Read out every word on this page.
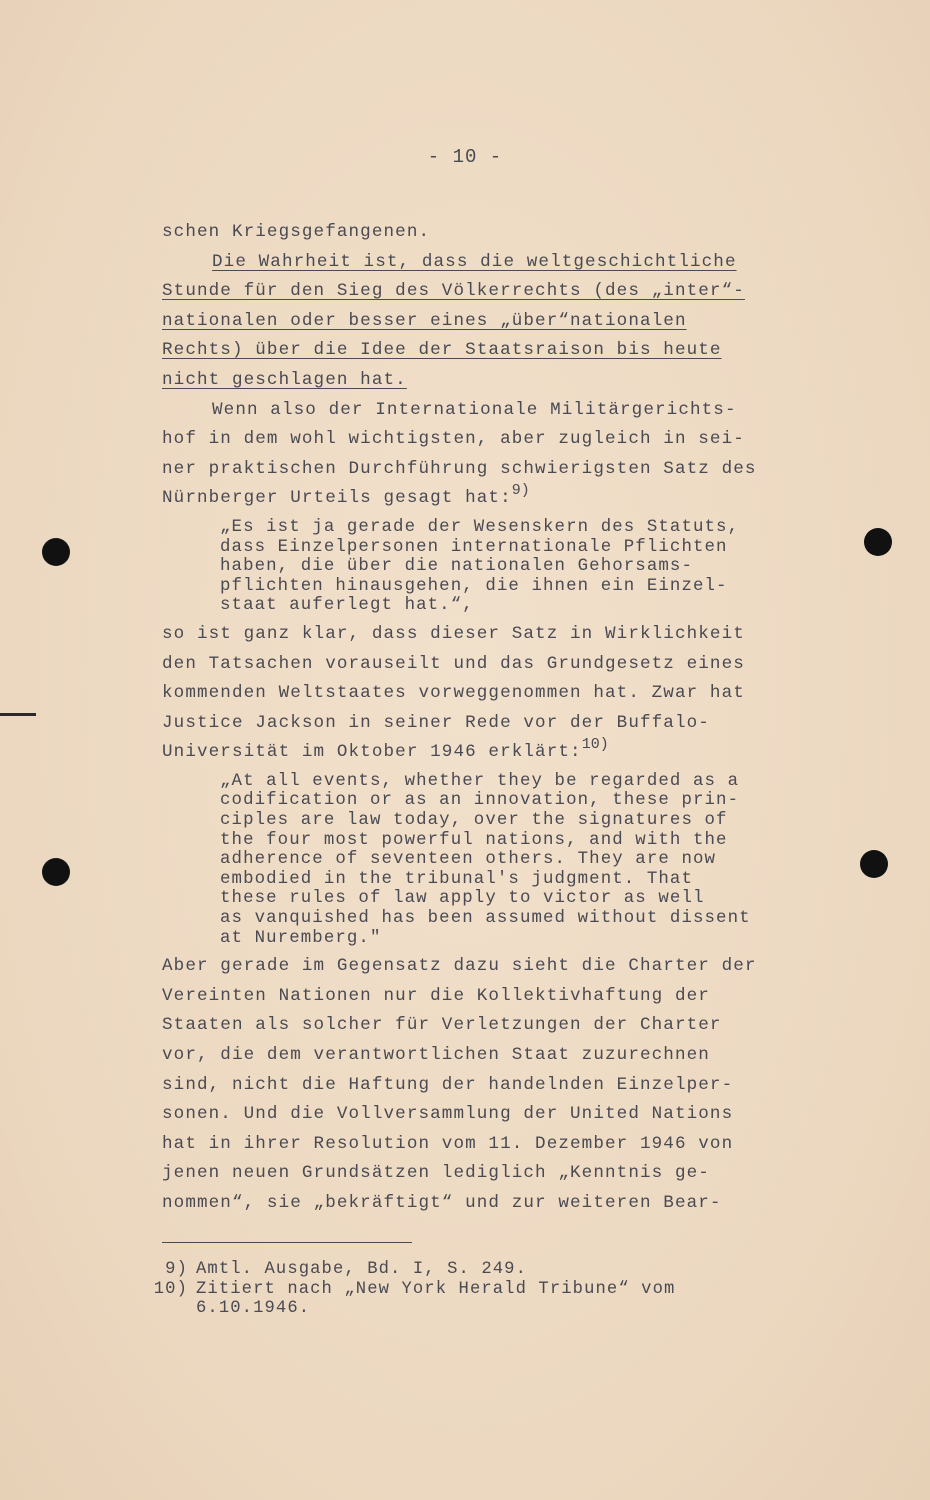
- 10 -

schen Kriegsgefangenen.

Die Wahrheit ist, dass die weltgeschichtliche
Stunde für den Sieg des Völkerrechts (des „inter“-
nationalen oder besser eines „über“nationalen
Rechts) über die Idee der Staatsraison bis heute
nicht geschlagen hat.

Wenn also der Internationale Militärgerichts-
hof in dem wohl wichtigsten, aber zugleich in sei-
ner praktischen Durchführung schwierigsten Satz des
Nürnberger Urteils gesagt hat:$^{9)}$

„Es ist ja gerade der Wesenskern des Statuts,
dass Einzelpersonen internationale Pflichten
haben, die über die nationalen Gehorsams-
pflichten hinausgehen, die ihnen ein Einzel-
staat auferlegt hat.“,

so ist ganz klar, dass dieser Satz in Wirklichkeit
den Tatsachen vorauseilt und das Grundgesetz eines
kommenden Weltstaates vorweggenommen hat. Zwar hat
Justice Jackson in seiner Rede vor der Buffalo-
Universität im Oktober 1946 erklärt:$^{10)}$

„At all events, whether they be regarded as a
codification or as an innovation, these prin-
ciples are law today, over the signatures of
the four most powerful nations, and with the
adherence of seventeen others. They are now
embodied in the tribunal's judgment. That
these rules of law apply to victor as well
as vanquished has been assumed without dissent
at Nuremberg."

Aber gerade im Gegensatz dazu sieht die Charter der
Vereinten Nationen nur die Kollektivhaftung der
Staaten als solcher für Verletzungen der Charter
vor, die dem verantwortlichen Staat zuzurechnen
sind, nicht die Haftung der handelnden Einzelper-
sonen. Und die Vollversammlung der United Nations
hat in ihrer Resolution vom 11. Dezember 1946 von
jenen neuen Grundsätzen lediglich „Kenntnis ge-
nommen“, sie „bekräftigt“ und zur weiteren Bear-

9) Amtl. Ausgabe, Bd. I, S. 249.
10) Zitiert nach „New York Herald Tribune“ vom
6.10.1946.
